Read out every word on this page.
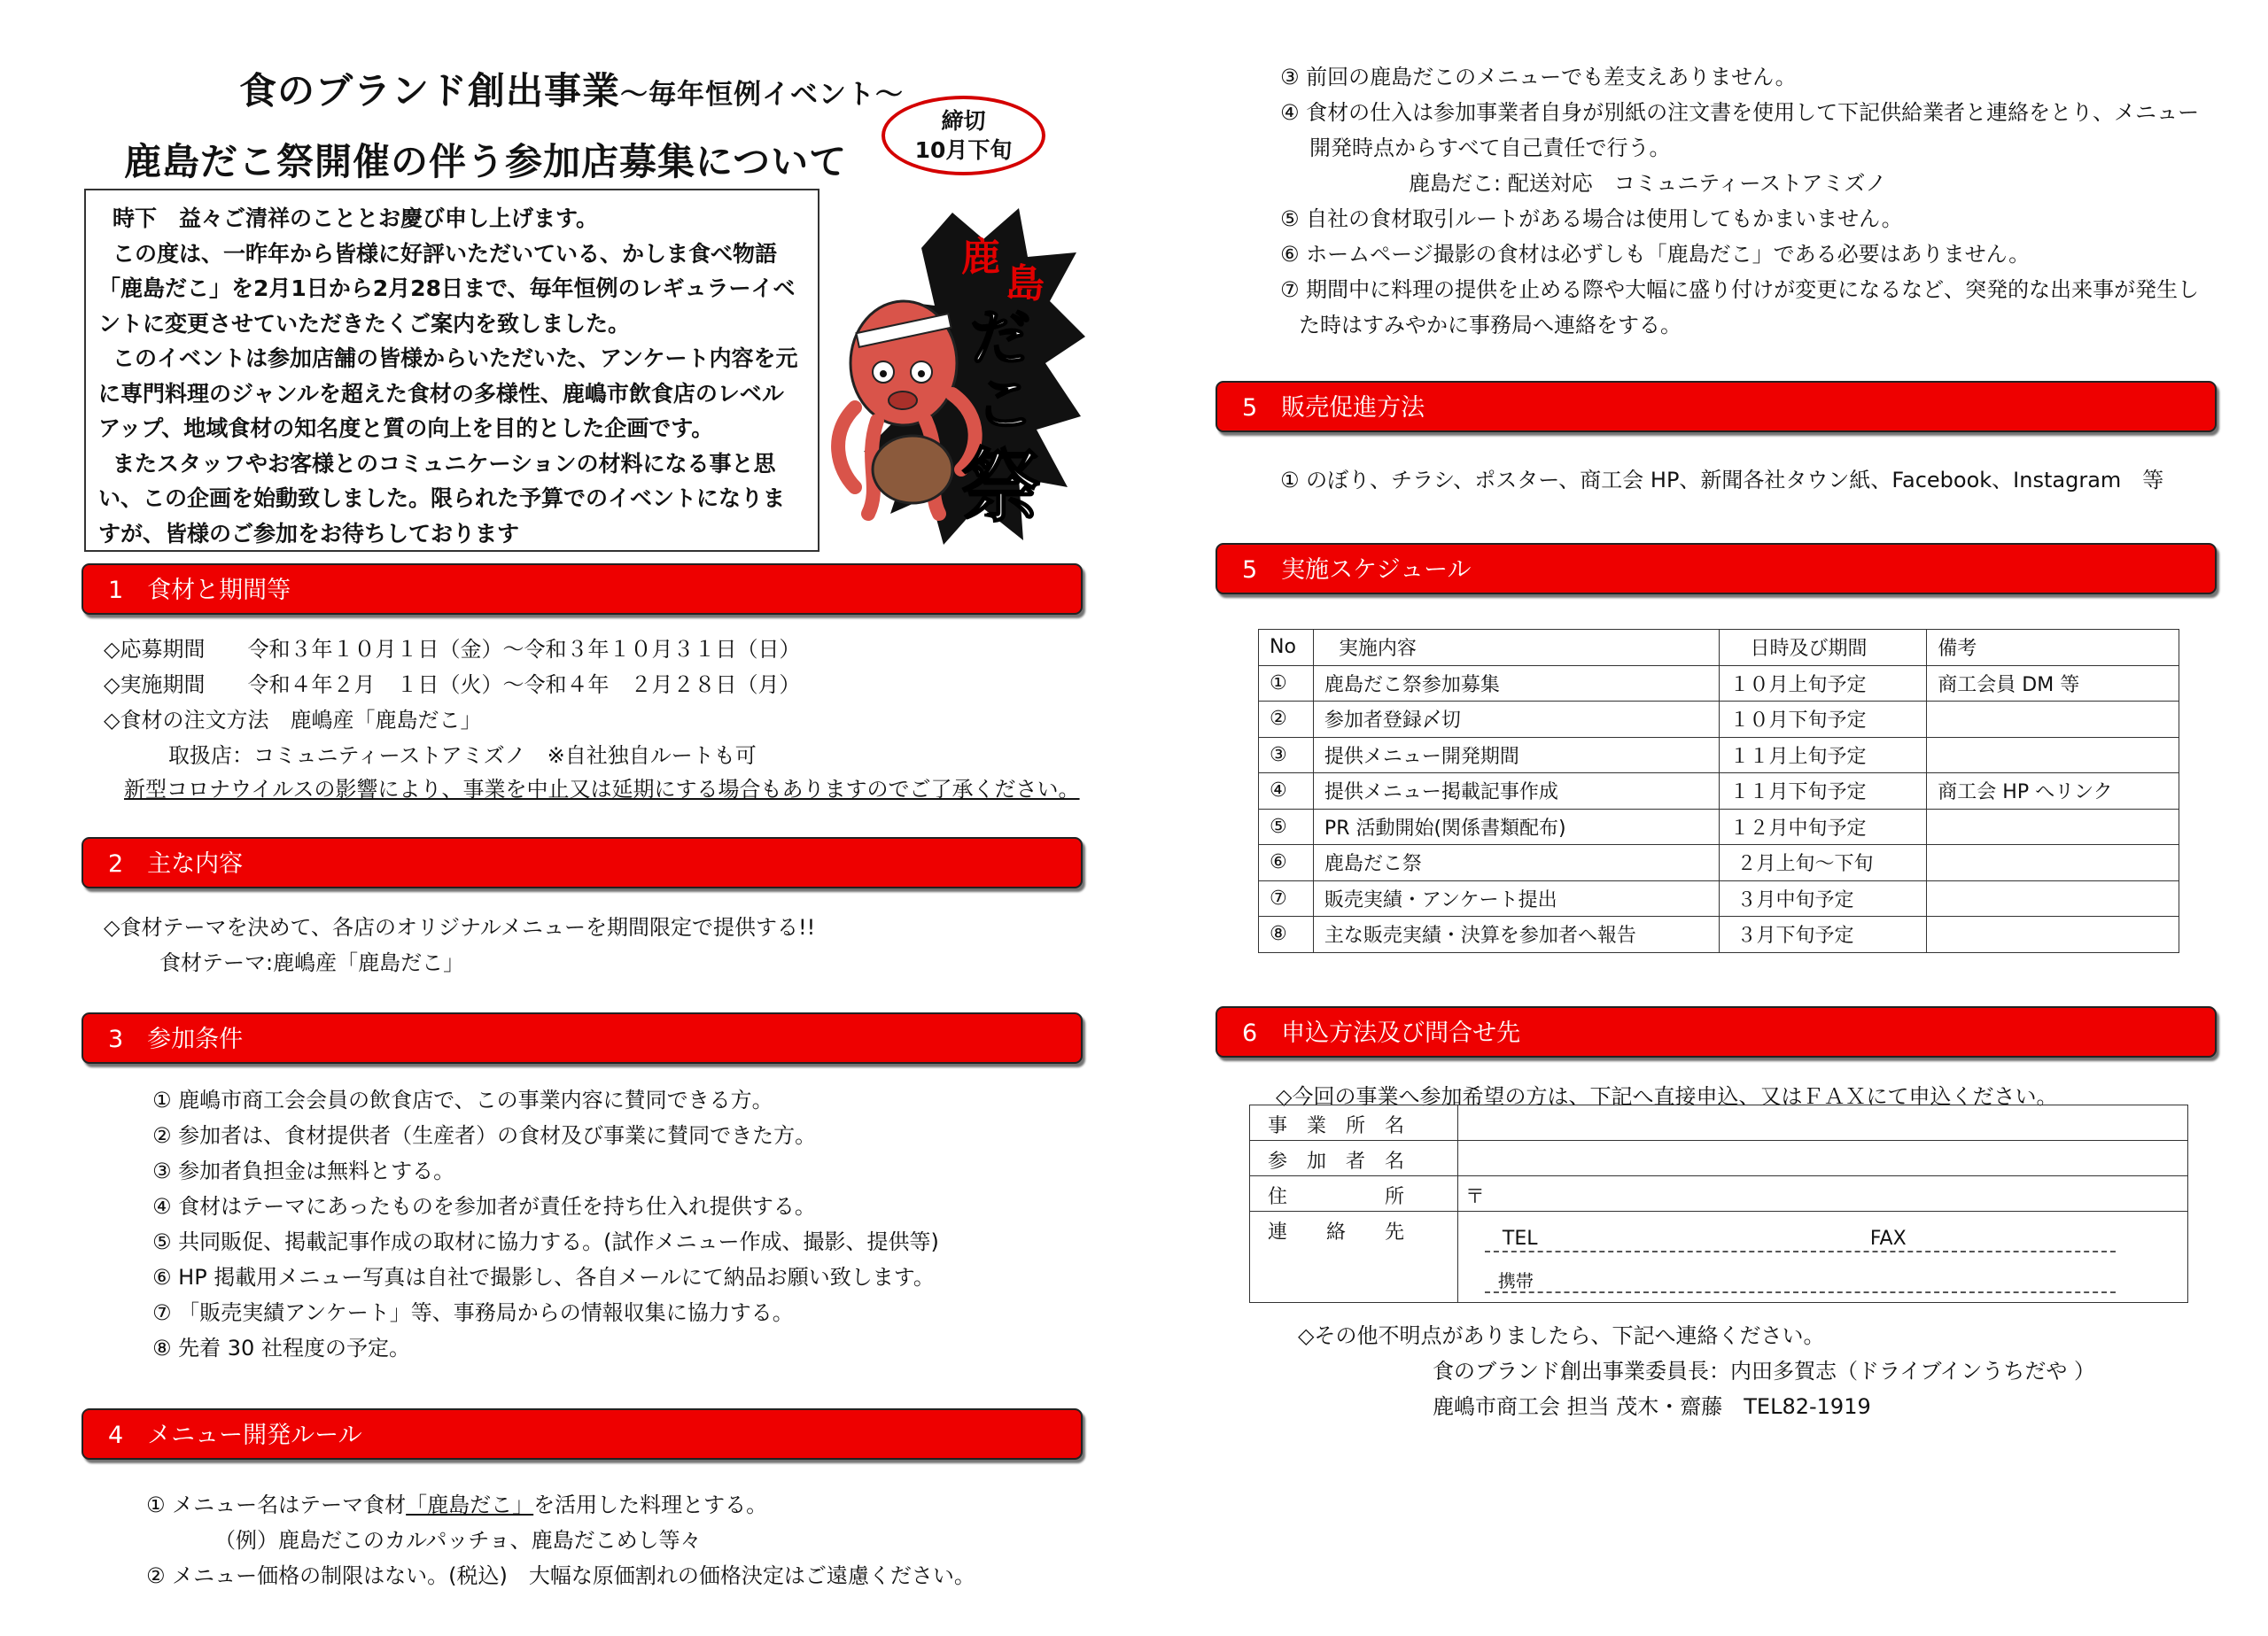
食のブランド創出事業〜毎年恒例イベント〜
鹿島だこ祭開催の伴う参加店募集について
締切
10月下旬

時下　益々ご清祥のこととお慶び申し上げます。

この度は、一昨年から皆様に好評いただいている、かしま食べ物語「鹿島だこ」を2月1日から2月28日まで、毎年恒例のレギュラーイベントに変更させていただきたくご案内を致しました。

このイベントは参加店舗の皆様からいただいた、アンケート内容を元に専門料理のジャンルを超えた食材の多様性、鹿嶋市飲食店のレベルアップ、地域食材の知名度と質の向上を目的とした企画です。

またスタッフやお客様とのコミュニケーションの材料になる事と思い、この企画を始動致しました。限られた予算でのイベントになりますが、皆様のご参加をお待ちしております

鹿
島
だ
こ
祭
1　食材と期間等
◇応募期間　　令和３年１０月１日（金）〜令和３年１０月３１日（日）
◇実施期間　　令和４年２月　１日（火）〜令和４年　２月２８日（月）
◇食材の注文方法　鹿嶋産「鹿島だこ」
取扱店：コミュニティーストアミズノ　※自社独自ルートも可
新型コロナウイルスの影響により、事業を中止又は延期にする場合もありますのでご了承ください。
2　主な内容
◇食材テーマを決めて、各店のオリジナルメニューを期間限定で提供する!!
食材テーマ:鹿嶋産「鹿島だこ」
3　参加条件
① 鹿嶋市商工会会員の飲食店で、この事業内容に賛同できる方。
② 参加者は、食材提供者（生産者）の食材及び事業に賛同できた方。
③ 参加者負担金は無料とする。
④ 食材はテーマにあったものを参加者が責任を持ち仕入れ提供する。
⑤ 共同販促、掲載記事作成の取材に協力する。(試作メニュー作成、撮影、提供等)
⑥ HP 掲載用メニュー写真は自社で撮影し、各自メールにて納品お願い致します。
⑦ 「販売実績アンケート」等、事務局からの情報収集に協力する。
⑧ 先着 30 社程度の予定。
4　メニュー開発ルール
① メニュー名はテーマ食材「鹿島だこ」を活用した料理とする。
（例）鹿島だこのカルパッチョ、鹿島だこめし等々
② メニュー価格の制限はない。(税込)　大幅な原価割れの価格決定はご遠慮ください。
③ 前回の鹿島だこのメニューでも差支えありません。
④ 食材の仕入は参加事業者自身が別紙の注文書を使用して下記供給業者と連絡をとり、メニュー
開発時点からすべて自己責任で行う。
鹿島だこ: 配送対応　コミュニティーストアミズノ
⑤ 自社の食材取引ルートがある場合は使用してもかまいません。
⑥ ホームページ撮影の食材は必ずしも「鹿島だこ」である必要はありません。
⑦ 期間中に料理の提供を止める際や大幅に盛り付けが変更になるなど、突発的な出来事が発生し
た時はすみやかに事務局へ連絡をする。
5　販売促進方法
① のぼり、チラシ、ポスター、商工会 HP、新聞各社タウン紙、Facebook、Instagram　等
5　実施スケジュール
No	実施内容	日時及び期間	備考
①	鹿島だこ祭参加募集	１０月上旬予定	商工会員 DM 等
②	参加者登録〆切	１０月下旬予定	
③	提供メニュー開発期間	１１月上旬予定	
④	提供メニュー掲載記事作成	１１月下旬予定	商工会 HP へリンク
⑤	PR 活動開始(関係書類配布)	１２月中旬予定	
⑥	鹿島だこ祭	２月上旬〜下旬	
⑦	販売実績・アンケート提出	３月中旬予定	
⑧	主な販売実績・決算を参加者へ報告	３月下旬予定	
6　申込方法及び問合せ先
◇今回の事業へ参加希望の方は、下記へ直接申込、又はＦＡＸにて申込ください。
事　業　所　名	
参　加　者　名	
住　　　　　所	〒
連　　絡　　先	TEL FAX
携帯
◇その他不明点がありましたら、下記へ連絡ください。
食のブランド創出事業委員長：内田多賀志（ドライブインうちだや ）
鹿嶋市商工会 担当 茂木・齋藤　TEL82-1919
